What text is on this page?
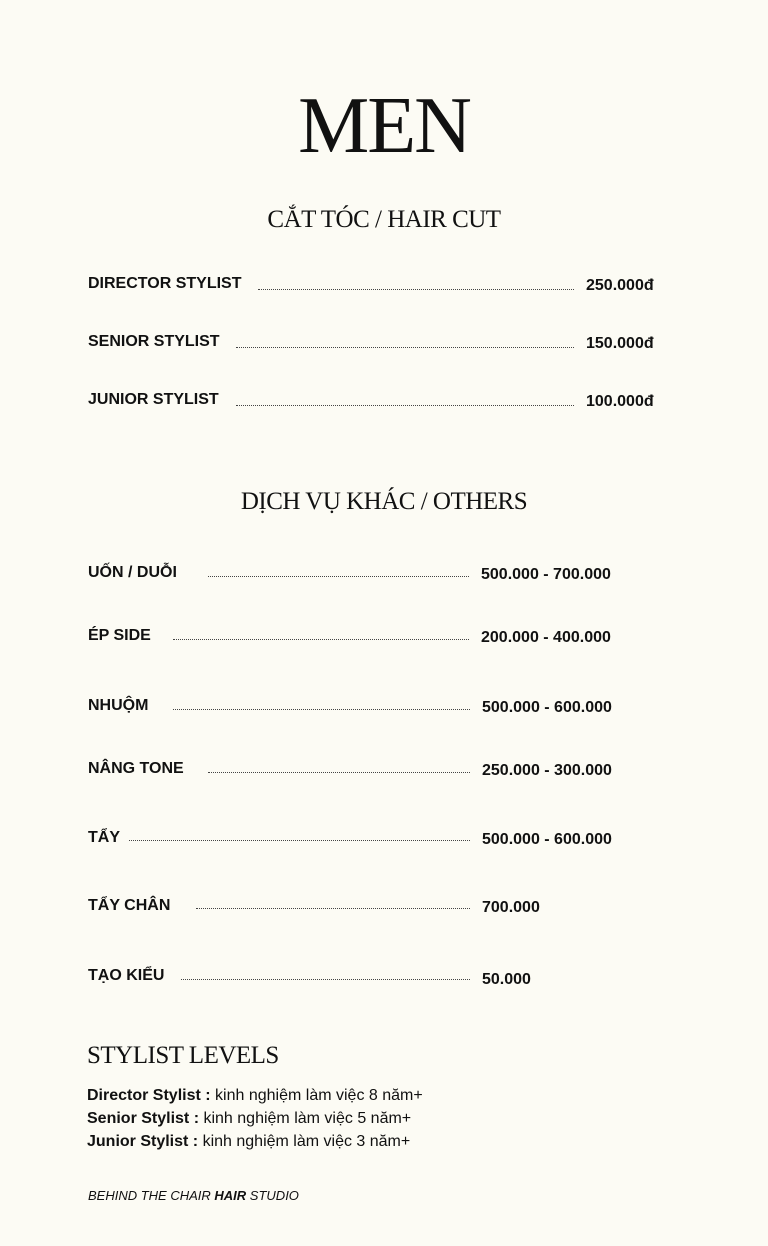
MEN
CẮT TÓC / HAIR CUT
DIRECTOR STYLIST	250.000đ
SENIOR STYLIST	150.000đ
JUNIOR STYLIST	100.000đ
DỊCH VỤ KHÁC / OTHERS
UỐN / DUỖI	500.000 - 700.000
ÉP SIDE	200.000 - 400.000
NHUỘM	500.000 - 600.000
NÂNG TONE	250.000 - 300.000
TẨY	500.000 - 600.000
TẨY CHÂN	700.000
TẠO KIỂU	50.000
STYLIST LEVELS
Director Stylist : kinh nghiệm làm việc 8 năm+
Senior Stylist : kinh nghiệm làm việc 5 năm+
Junior Stylist : kinh nghiệm làm việc 3 năm+
BEHIND THE CHAIR HAIR STUDIO
